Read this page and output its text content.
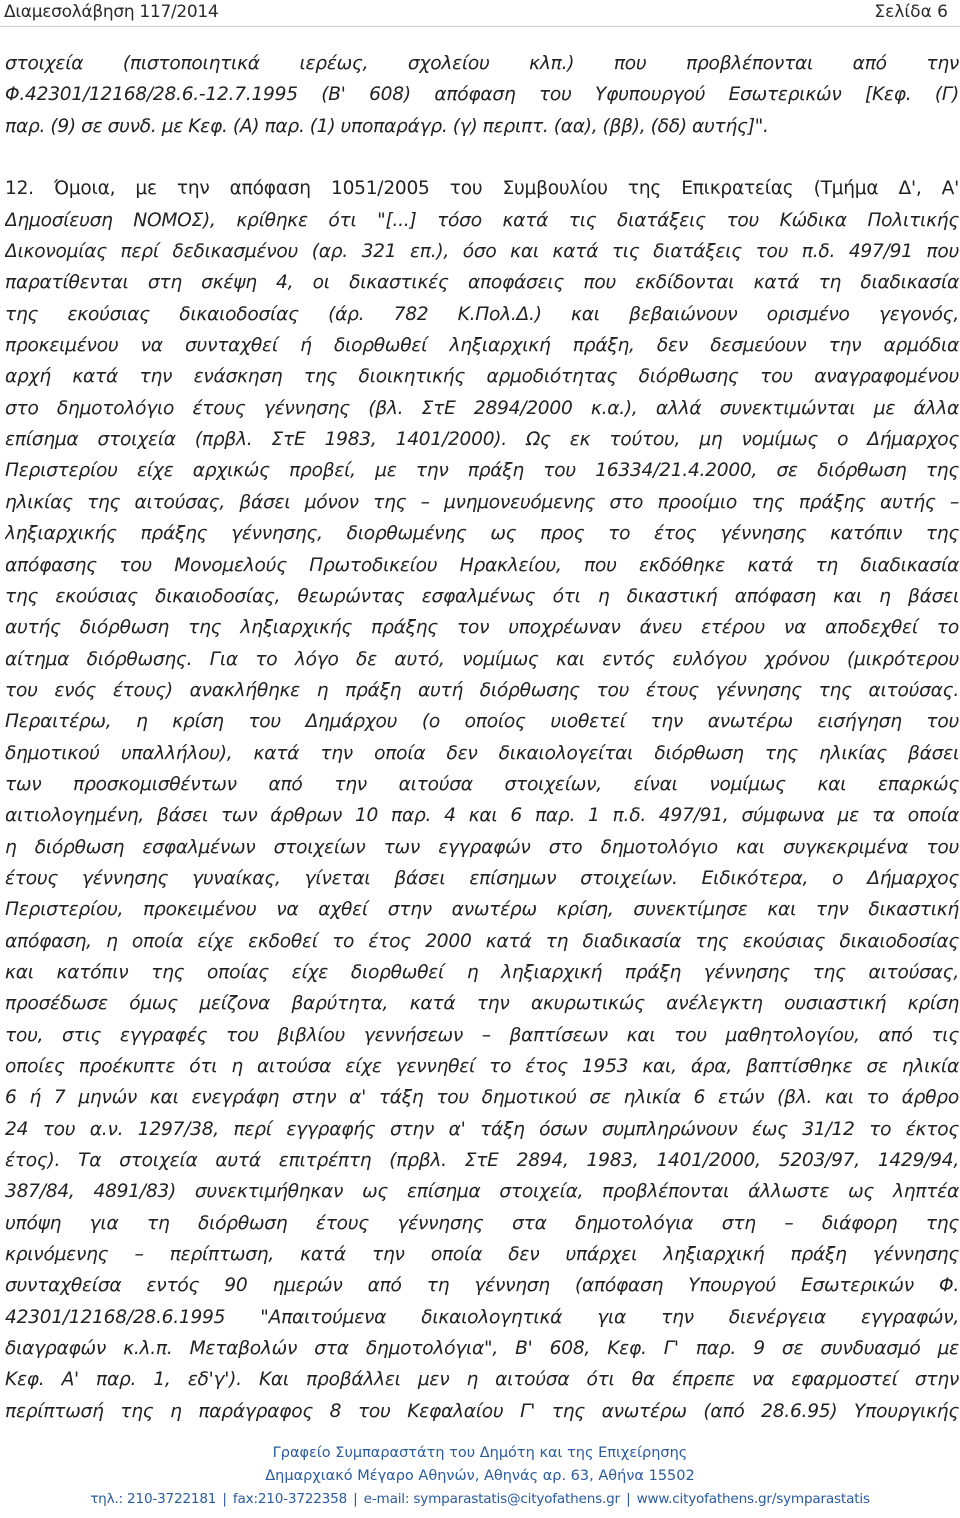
Διαμεσολάβηση 117/2014	Σελίδα 6
στοιχεία (πιστοποιητικά ιερέως, σχολείου κλπ.) που προβλέπονται από την
Φ.42301/12168/28.6.-12.7.1995 (Β' 608) απόφαση του Υφυπουργού Εσωτερικών [Κεφ. (Γ)
παρ. (9) σε συνδ. με Κεφ. (Α) παρ. (1) υποπαράγρ. (γ) περιπτ. (αα), (ββ), (δδ) αυτής]".
12. Όμοια, με την απόφαση 1051/2005 του Συμβουλίου της Επικρατείας (Τμήμα Δ', Α'
Δημοσίευση ΝΟΜΟΣ), κρίθηκε ότι "[...] τόσο κατά τις διατάξεις του Κώδικα Πολιτικής
Δικονομίας περί δεδικασμένου (αρ. 321 επ.), όσο και κατά τις διατάξεις του π.δ. 497/91 που
παρατίθενται στη σκέψη 4, οι δικαστικές αποφάσεις που εκδίδονται κατά τη διαδικασία
της εκούσιας δικαιοδοσίας (άρ. 782 Κ.Πολ.Δ.) και βεβαιώνουν ορισμένο γεγονός,
προκειμένου να συνταχθεί ή διορθωθεί ληξιαρχική πράξη, δεν δεσμεύουν την αρμόδια
αρχή κατά την ενάσκηση της διοικητικής αρμοδιότητας διόρθωσης του αναγραφομένου
στο δημοτολόγιο έτους γέννησης (βλ. ΣτΕ 2894/2000 κ.α.), αλλά συνεκτιμώνται με άλλα
επίσημα στοιχεία (πρβλ. ΣτΕ 1983, 1401/2000). Ως εκ τούτου, μη νομίμως ο Δήμαρχος
Περιστερίου είχε αρχικώς προβεί, με την πράξη του 16334/21.4.2000, σε διόρθωση της
ηλικίας της αιτούσας, βάσει μόνον της – μνημονευόμενης στο προοίμιο της πράξης αυτής –
ληξιαρχικής πράξης γέννησης, διορθωμένης ως προς το έτος γέννησης κατόπιν της
απόφασης του Μονομελούς Πρωτοδικείου Ηρακλείου, που εκδόθηκε κατά τη διαδικασία
της εκούσιας δικαιοδοσίας, θεωρώντας εσφαλμένως ότι η δικαστική απόφαση και η βάσει
αυτής διόρθωση της ληξιαρχικής πράξης τον υποχρέωναν άνευ ετέρου να αποδεχθεί το
αίτημα διόρθωσης. Για το λόγο δε αυτό, νομίμως και εντός ευλόγου χρόνου (μικρότερου
του ενός έτους) ανακλήθηκε η πράξη αυτή διόρθωσης του έτους γέννησης της αιτούσας.
Περαιτέρω, η κρίση του Δημάρχου (ο οποίος υιοθετεί την ανωτέρω εισήγηση του
δημοτικού υπαλλήλου), κατά την οποία δεν δικαιολογείται διόρθωση της ηλικίας βάσει
των προσκομισθέντων από την αιτούσα στοιχείων, είναι νομίμως και επαρκώς
αιτιολογημένη, βάσει των άρθρων 10 παρ. 4 και 6 παρ. 1 π.δ. 497/91, σύμφωνα με τα οποία
η διόρθωση εσφαλμένων στοιχείων των εγγραφών στο δημοτολόγιο και συγκεκριμένα του
έτους γέννησης γυναίκας, γίνεται βάσει επίσημων στοιχείων. Ειδικότερα, ο Δήμαρχος
Περιστερίου, προκειμένου να αχθεί στην ανωτέρω κρίση, συνεκτίμησε και την δικαστική
απόφαση, η οποία είχε εκδοθεί το έτος 2000 κατά τη διαδικασία της εκούσιας δικαιοδοσίας
και κατόπιν της οποίας είχε διορθωθεί η ληξιαρχική πράξη γέννησης της αιτούσας,
προσέδωσε όμως μείζονα βαρύτητα, κατά την ακυρωτικώς ανέλεγκτη ουσιαστική κρίση
του, στις εγγραφές του βιβλίου γεννήσεων – βαπτίσεων και του μαθητολογίου, από τις
οποίες προέκυπτε ότι η αιτούσα είχε γεννηθεί το έτος 1953 και, άρα, βαπτίσθηκε σε ηλικία
6 ή 7 μηνών και ενεγράφη στην α' τάξη του δημοτικού σε ηλικία 6 ετών (βλ. και το άρθρο
24 του α.ν. 1297/38, περί εγγραφής στην α' τάξη όσων συμπληρώνουν έως 31/12 το έκτος
έτος). Τα στοιχεία αυτά επιτρέπτη (πρβλ. ΣτΕ 2894, 1983, 1401/2000, 5203/97, 1429/94,
387/84, 4891/83) συνεκτιμήθηκαν ως επίσημα στοιχεία, προβλέπονται άλλωστε ως ληπτέα
υπόψη για τη διόρθωση έτους γέννησης στα δημοτολόγια στη – διάφορη της
κρινόμενης – περίπτωση, κατά την οποία δεν υπάρχει ληξιαρχική πράξη γέννησης
συνταχθείσα εντός 90 ημερών από τη γέννηση (απόφαση Υπουργού Εσωτερικών Φ.
42301/12168/28.6.1995 "Απαιτούμενα δικαιολογητικά για την διενέργεια εγγραφών,
διαγραφών κ.λ.π. Μεταβολών στα δημοτολόγια", Β' 608, Κεφ. Γ' παρ. 9 σε συνδυασμό με
Κεφ. Α' παρ. 1, εδ'γ'). Και προβάλλει μεν η αιτούσα ότι θα έπρεπε να εφαρμοστεί στην
περίπτωσή της η παράγραφος 8 του Κεφαλαίου Γ' της ανωτέρω (από 28.6.95) Υπουργικής
Γραφείο Συμπαραστάτη του Δημότη και της Επιχείρησης
Δημαρχιακό Μέγαρο Αθηνών, Αθηνάς αρ. 63, Αθήνα 15502
τηλ.: 210-3722181 | fax:210-3722358 | e-mail: symparastatis@cityofathens.gr | www.cityofathens.gr/symparastatis
